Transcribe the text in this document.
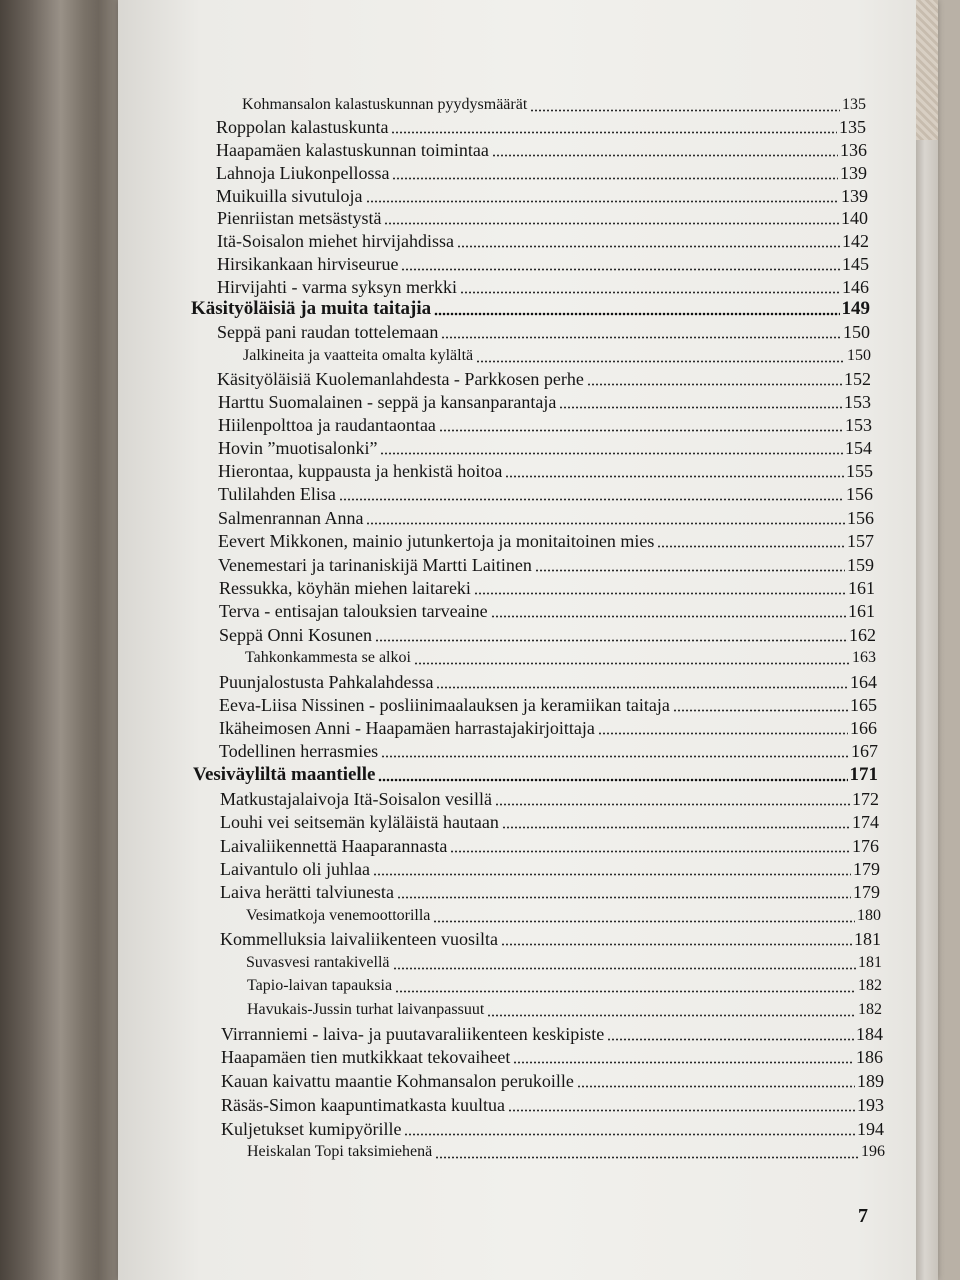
Kohmansalon kalastuskunnan pyydysmäärät	135
Roppolan kalastuskunta	135
Haapamäen kalastuskunnan toimintaa	136
Lahnoja Liukonpellossa	139
Muikuilla sivutuloja	139
Pienriistan metsästystä	140
Itä-Soisalon miehet hirvijahdissa	142
Hirsikankaan hirviseurue	145
Hirvijahti - varma syksyn merkki	146
Käsityöläisiä ja muita taitajia	149
Seppä pani raudan tottelemaan	150
Jalkineita ja vaatteita omalta kylältä	150
Käsityöläisiä Kuolemanlahdesta - Parkkosen perhe	152
Harttu Suomalainen - seppä ja kansanparantaja	153
Hiilenpolttoa ja raudantaontaa	153
Hovin ”muotisalonki”	154
Hierontaa, kuppausta ja henkistä hoitoa	155
Tulilahden Elisa	156
Salmenrannan Anna	156
Eevert Mikkonen, mainio jutunkertoja ja monitaitoinen mies	157
Venemestari ja tarinaniskijä Martti Laitinen	159
Ressukka, köyhän miehen laitareki	161
Terva - entisajan talouksien tarveaine	161
Seppä Onni Kosunen	162
Tahkonkammesta se alkoi	163
Puunjalostusta Pahkalahdessa	164
Eeva-Liisa Nissinen - posliinimaalauksen ja keramiikan taitaja	165
Ikäheimosen Anni - Haapamäen harrastajakirjoittaja	166
Todellinen herrasmies	167
Vesiväyliltä maantielle	171
Matkustajalaivoja Itä-Soisalon vesillä	172
Louhi vei seitsemän kyläläistä hautaan	174
Laivaliikennettä Haaparannasta	176
Laivantulo oli juhlaa	179
Laiva herätti talviunesta	179
Vesimatkoja venemoottorilla	180
Kommelluksia laivaliikenteen vuosilta	181
Suvasvesi rantakivellä	181
Tapio-laivan tapauksia	182
Havukais-Jussin turhat laivanpassuut	182
Virranniemi - laiva- ja puutavaraliikenteen keskipiste	184
Haapamäen tien mutkikkaat tekovaiheet	186
Kauan kaivattu maantie Kohmansalon perukoille	189
Räsäs-Simon kaapuntimatkasta kuultua	193
Kuljetukset kumipyörille	194
Heiskalan Topi taksimiehenä	196
7
